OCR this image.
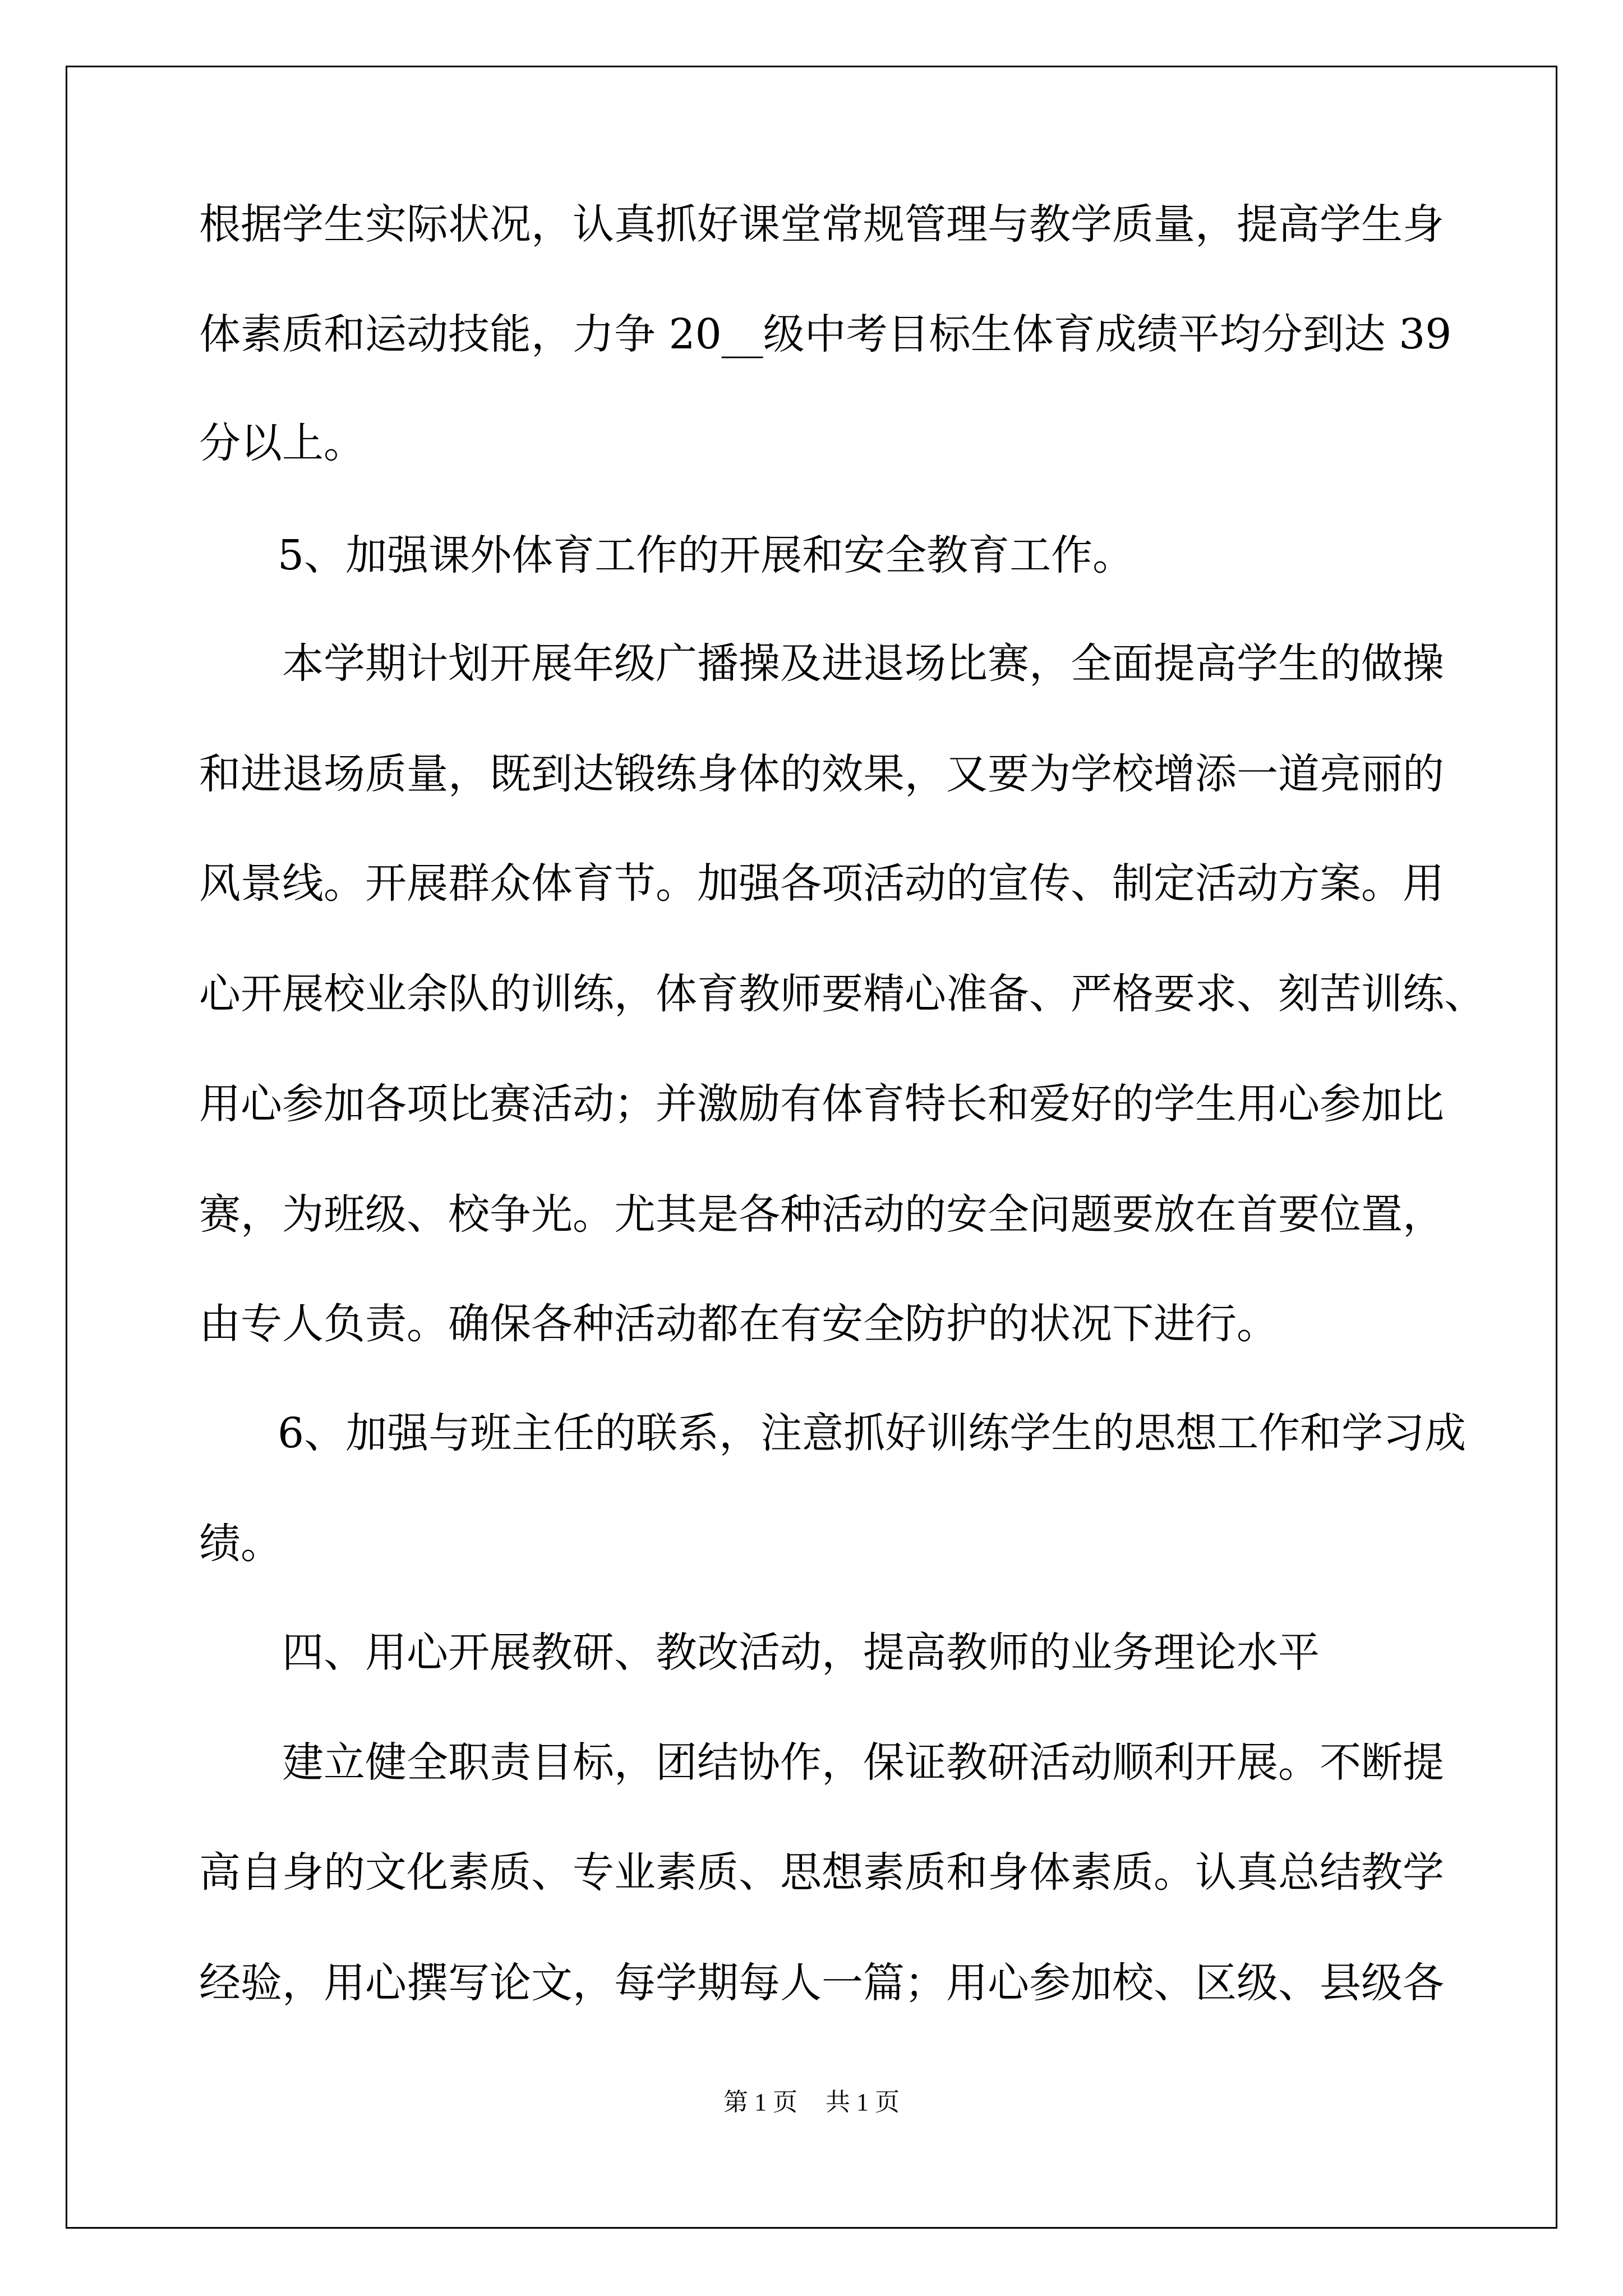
根据学生实际状况，认真抓好课堂常规管理与教学质量，提高学生身
体素质和运动技能，力争 20__级中考目标生体育成绩平均分到达 39
分以上。
5、加强课外体育工作的开展和安全教育工作。
本学期计划开展年级广播操及进退场比赛，全面提高学生的做操
和进退场质量，既到达锻练身体的效果，又要为学校增添一道亮丽的
风景线。开展群众体育节。加强各项活动的宣传、制定活动方案。用
心开展校业余队的训练，体育教师要精心准备、严格要求、刻苦训练、
用心参加各项比赛活动；并激励有体育特长和爱好的学生用心参加比
赛，为班级、校争光。尤其是各种活动的安全问题要放在首要位置，
由专人负责。确保各种活动都在有安全防护的状况下进行。
6、加强与班主任的联系，注意抓好训练学生的思想工作和学习成
绩。
四、用心开展教研、教改活动，提高教师的业务理论水平
建立健全职责目标，团结协作，保证教研活动顺利开展。不断提
高自身的文化素质、专业素质、思想素质和身体素质。认真总结教学
经验，用心撰写论文，每学期每人一篇；用心参加校、区级、县级各
第 1 页 共 1 页
